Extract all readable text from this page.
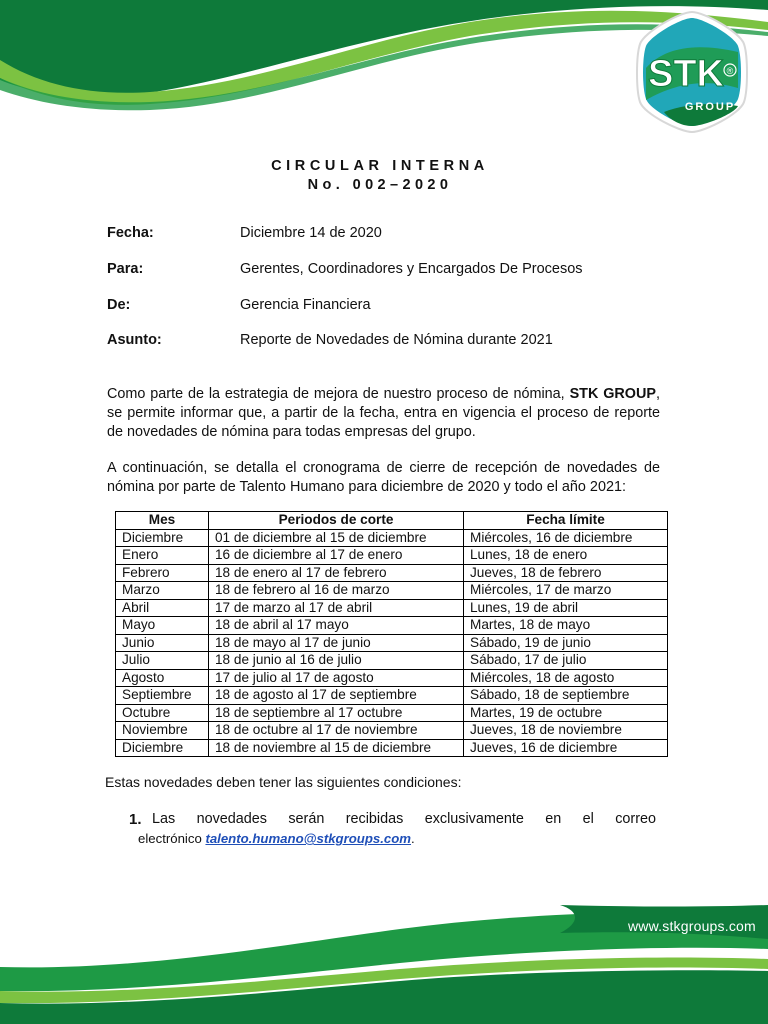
STK ®
GROUP
CIRCULAR INTERNA
No. 002–2020
Fecha:	Diciembre 14 de 2020
Para:	Gerentes, Coordinadores y Encargados De Procesos
De:	Gerencia Financiera
Asunto:	Reporte de Novedades de Nómina durante 2021
Como parte de la estrategia de mejora de nuestro proceso de nómina, STK GROUP, se permite informar que, a partir de la fecha, entra en vigencia el proceso de reporte de novedades de nómina para todas empresas del grupo.
A continuación, se detalla el cronograma de cierre de recepción de novedades de nómina por parte de Talento Humano para diciembre de 2020 y todo el año 2021:
Mes	Periodos de corte	Fecha límite
Diciembre	01 de diciembre al 15 de diciembre	Miércoles, 16 de diciembre
Enero	16 de diciembre al 17 de enero	Lunes, 18 de enero
Febrero	18 de enero al 17 de febrero	Jueves, 18 de febrero
Marzo	18 de febrero al 16 de marzo	Miércoles, 17 de marzo
Abril	17 de marzo al 17 de abril	Lunes, 19 de abril
Mayo	18 de abril al 17 mayo	Martes, 18 de mayo
Junio	18 de mayo al 17 de junio	Sábado, 19 de junio
Julio	18 de junio al 16 de julio	Sábado, 17 de julio
Agosto	17 de julio al 17 de agosto	Miércoles, 18 de agosto
Septiembre	18 de agosto al 17 de septiembre	Sábado, 18 de septiembre
Octubre	18 de septiembre al 17 octubre	Martes, 19 de octubre
Noviembre	18 de octubre al 17 de noviembre	Jueves, 18 de noviembre
Diciembre	18 de noviembre al 15 de diciembre	Jueves, 16 de diciembre
Estas novedades deben tener las siguientes condiciones:
1. Las novedades serán recibidas exclusivamente en el correo
electrónico talento.humano@stkgroups.com.
www.stkgroups.com
